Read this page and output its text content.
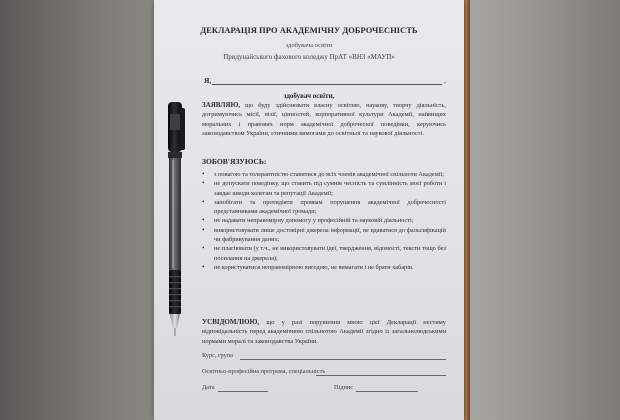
ДЕКЛАРАЦІЯ ПРО АКАДЕМІЧНУ ДОБРОЧЕСНІСТЬ
здобувача освіти
Придунайського фахового коледжу ПрАТ «ВНЗ «МАУП»
Я,	,
здобувач освіти,
ЗАЯВЛЯЮ, що буду здійснювати власну освітню, наукову, творчу діяльність, дотримуючись місії, візії, цінностей, корпоративної культури Академії, найвищих моральних і правових норм академічної доброчесної поведінки, керуючись законодавством України, етичними вимогами до освітньої та наукової діяльності.
ЗОБОВ'ЯЗУЮСЬ:
• з повагою та толерантністю ставитися до всіх членів академічної спільноти Академії;
• не допускати поведінку, що ставить під сумнів чесність та сумлінність моєї роботи і завдає шкоди колегам та репутації Академії;
• запобігати та протидіяти проявам порушення академічної доброчесності представниками академічної громади;
• не надавати неправомірну допомогу у професійній та науковій діяльності;
• використовувати лише достовірні джерела інформації, не вдаватися до фальсифікацій чи фабрикування даних;
• не плагіювати (у т.ч., не використовувати ідеї, твердження, відомості, тексти тощо без посилання на джерела);
• не користуватися неправомірною вигодою, не вимагати і не брати хабарів.
УСВІДОМЛЮЮ, що у разі порушення мною цієї Декларації нестиму відповідальність перед академічною спільнотою Академії згідно із загальнолюдськими нормами моралі та законодавства України.
Курс, група
Освітньо-професійна програма, спеціальність
Дата	Підпис
